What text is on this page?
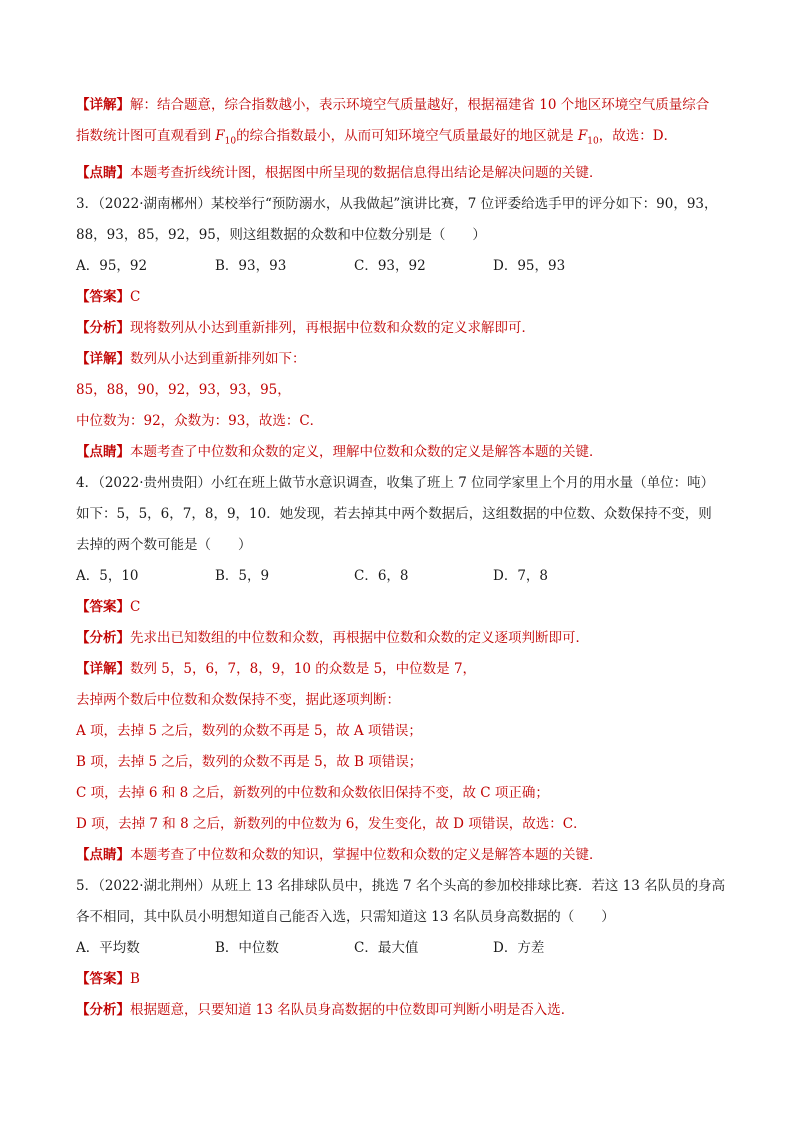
【详解】解：结合题意，综合指数越小，表示环境空气质量越好，根据福建省 10 个地区环境空气质量综合
指数统计图可直观看到 $F_{10}$的综合指数最小，从而可知环境空气质量最好的地区就是 $F_{10}$，故选：D．
【点睛】本题考查折线统计图，根据图中所呈现的数据信息得出结论是解决问题的关键．
3．（2022·湖南郴州）某校举行“预防溺水，从我做起”演讲比赛，7 位评委给选手甲的评分如下：90，93，
88，93，85，92，95，则这组数据的众数和中位数分别是（　　）
A．95，92	B．93，93	C．93，92	D．95，93
【答案】C
【分析】现将数列从小达到重新排列，再根据中位数和众数的定义求解即可．
【详解】数列从小达到重新排列如下：
85，88，90，92，93，93，95，
中位数为：92，众数为：93，故选：C．
【点睛】本题考查了中位数和众数的定义，理解中位数和众数的定义是解答本题的关键．
4．（2022·贵州贵阳）小红在班上做节水意识调查，收集了班上 7 位同学家里上个月的用水量（单位：吨）
如下：5，5，6，7，8，9，10．她发现，若去掉其中两个数据后，这组数据的中位数、众数保持不变，则
去掉的两个数可能是（　　）
A．5，10	B．5，9	C．6，8	D．7，8
【答案】C
【分析】先求出已知数组的中位数和众数，再根据中位数和众数的定义逐项判断即可．
【详解】数列 5，5，6，7，8，9，10 的众数是 5，中位数是 7，
去掉两个数后中位数和众数保持不变，据此逐项判断：
A 项，去掉 5 之后，数列的众数不再是 5，故 A 项错误；
B 项，去掉 5 之后，数列的众数不再是 5，故 B 项错误；
C 项，去掉 6 和 8 之后，新数列的中位数和众数依旧保持不变，故 C 项正确；
D 项，去掉 7 和 8 之后，新数列的中位数为 6，发生变化，故 D 项错误，故选：C．
【点睛】本题考查了中位数和众数的知识，掌握中位数和众数的定义是解答本题的关键．
5．（2022·湖北荆州）从班上 13 名排球队员中，挑选 7 名个头高的参加校排球比赛．若这 13 名队员的身高
各不相同，其中队员小明想知道自己能否入选，只需知道这 13 名队员身高数据的（　　）
A．平均数	B．中位数	C．最大值	D．方差
【答案】B
【分析】根据题意，只要知道 13 名队员身高数据的中位数即可判断小明是否入选．
